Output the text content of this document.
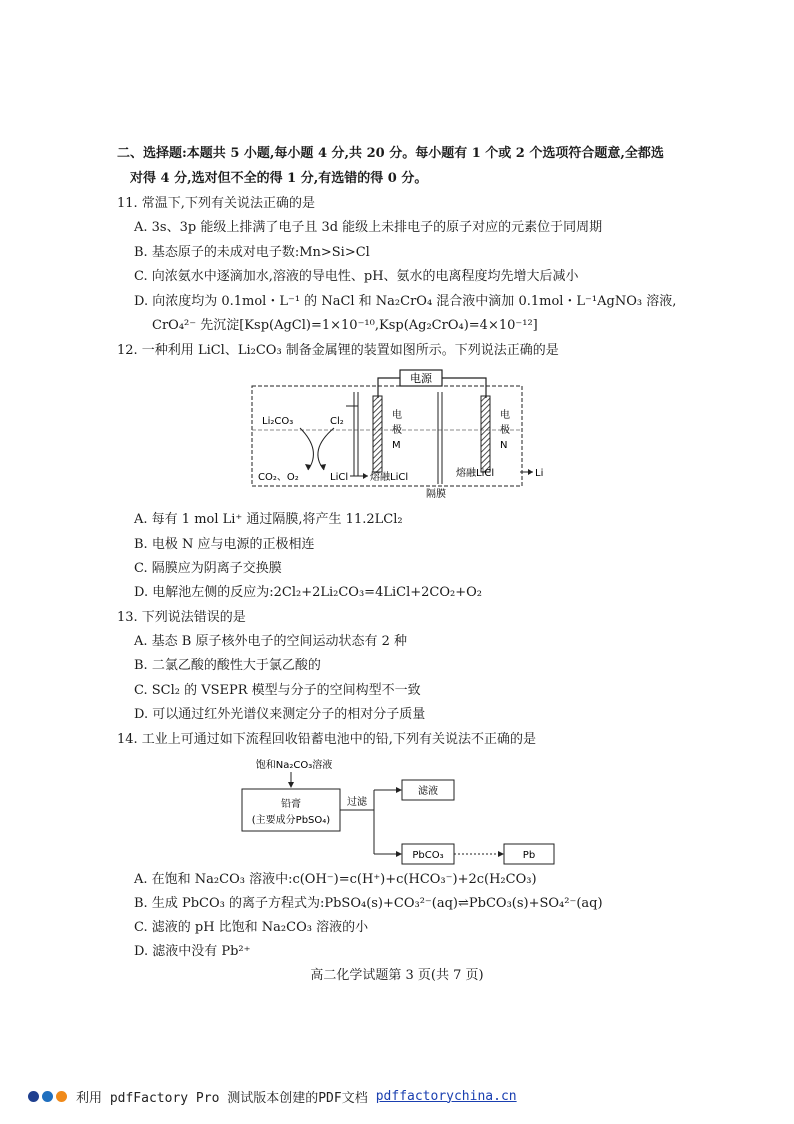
二、选择题:本题共 5 小题,每小题 4 分,共 20 分。每小题有 1 个或 2 个选项符合题意,全都选
对得 4 分,选对但不全的得 1 分,有选错的得 0 分。
11. 常温下,下列有关说法正确的是
A. 3s、3p 能级上排满了电子且 3d 能级上未排电子的原子对应的元素位于同周期
B. 基态原子的未成对电子数:Mn>Si>Cl
C. 向浓氨水中逐滴加水,溶液的导电性、pH、氨水的电离程度均先增大后减小
D. 向浓度均为 0.1mol・L⁻¹ 的 NaCl 和 Na₂CrO₄ 混合液中滴加 0.1mol・L⁻¹AgNO₃ 溶液,
CrO₄²⁻ 先沉淀[Ksp(AgCl)=1×10⁻¹⁰,Ksp(Ag₂CrO₄)=4×10⁻¹²]
12. 一种利用 LiCl、Li₂CO₃ 制备金属锂的装置如图所示。下列说法正确的是
电源
电
极
M
电
极
N
Li₂CO₃	Cl₂
CO₂、O₂	LiCl 熔融LiCl	熔融LiCl	Li
隔膜
A. 每有 1 mol Li⁺ 通过隔膜,将产生 11.2LCl₂
B. 电极 N 应与电源的正极相连
C. 隔膜应为阴离子交换膜
D. 电解池左侧的反应为:2Cl₂+2Li₂CO₃=4LiCl+2CO₂+O₂
13. 下列说法错误的是
A. 基态 B 原子核外电子的空间运动状态有 2 种
B. 二氯乙酸的酸性大于氯乙酸的
C. SCl₂ 的 VSEPR 模型与分子的空间构型不一致
D. 可以通过红外光谱仪来测定分子的相对分子质量
14. 工业上可通过如下流程回收铅蓄电池中的铅,下列有关说法不正确的是
饱和Na₂CO₃溶液
铅膏
(主要成分PbSO₄)
过滤
滤液
PbCO₃	Pb
A. 在饱和 Na₂CO₃ 溶液中:c(OH⁻)=c(H⁺)+c(HCO₃⁻)+2c(H₂CO₃)
B. 生成 PbCO₃ 的离子方程式为:PbSO₄(s)+CO₃²⁻(aq)⇌PbCO₃(s)+SO₄²⁻(aq)
C. 滤液的 pH 比饱和 Na₂CO₃ 溶液的小
D. 滤液中没有 Pb²⁺
高二化学试题第 3 页(共 7 页)
利用 pdfFactory Pro 测试版本创建的PDF文档 pdffactorychina.cn
